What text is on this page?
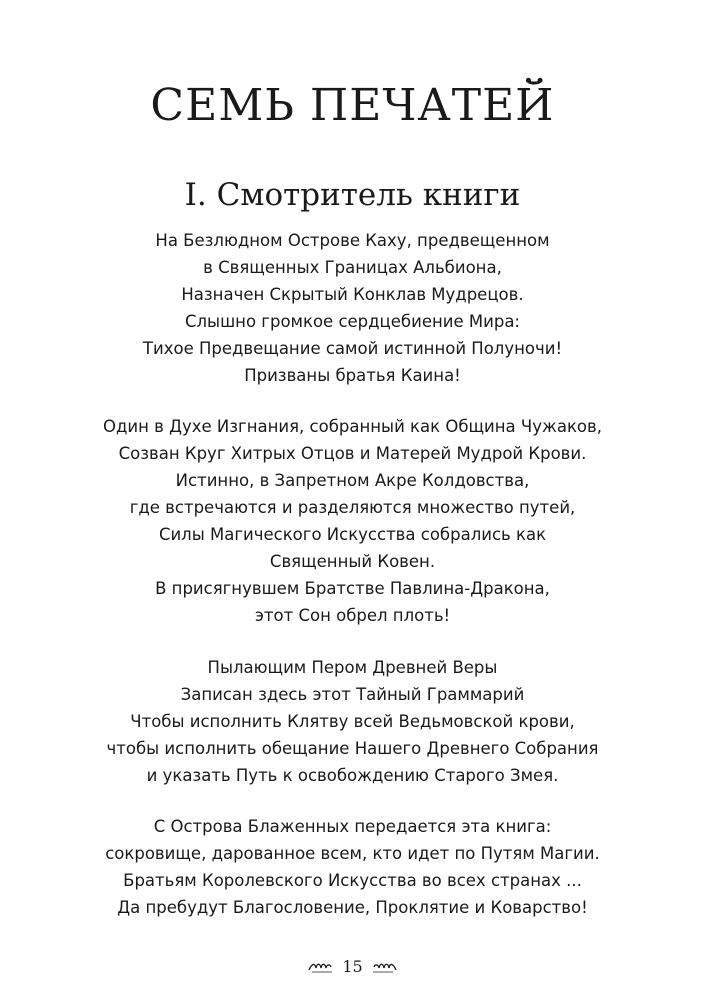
СЕМЬ ПЕЧАТЕЙ
I. Смотритель книги
На Безлюдном Острове Каху, предвещенном
в Священных Границах Альбиона,
Назначен Скрытый Конклав Мудрецов.
Слышно громкое сердцебиение Мира:
Тихое Предвещание самой истинной Полуночи!
Призваны братья Каина!
Один в Духе Изгнания, собранный как Община Чужаков,
Созван Круг Хитрых Отцов и Матерей Мудрой Крови.
Истинно, в Запретном Акре Колдовства,
где встречаются и разделяются множество путей,
Силы Магического Искусства собрались как
Священный Ковен.
В присягнувшем Братстве Павлина-Дракона,
этот Сон обрел плоть!
Пылающим Пером Древней Веры
Записан здесь этот Тайный Граммарий
Чтобы исполнить Клятву всей Ведьмовской крови,
чтобы исполнить обещание Нашего Древнего Собрания
и указать Путь к освобождению Старого Змея.
С Острова Блаженных передается эта книга:
сокровище, дарованное всем, кто идет по Путям Магии.
Братьям Королевского Искусства во всех странах ...
Да пребудут Благословение, Проклятие и Коварство!
15
